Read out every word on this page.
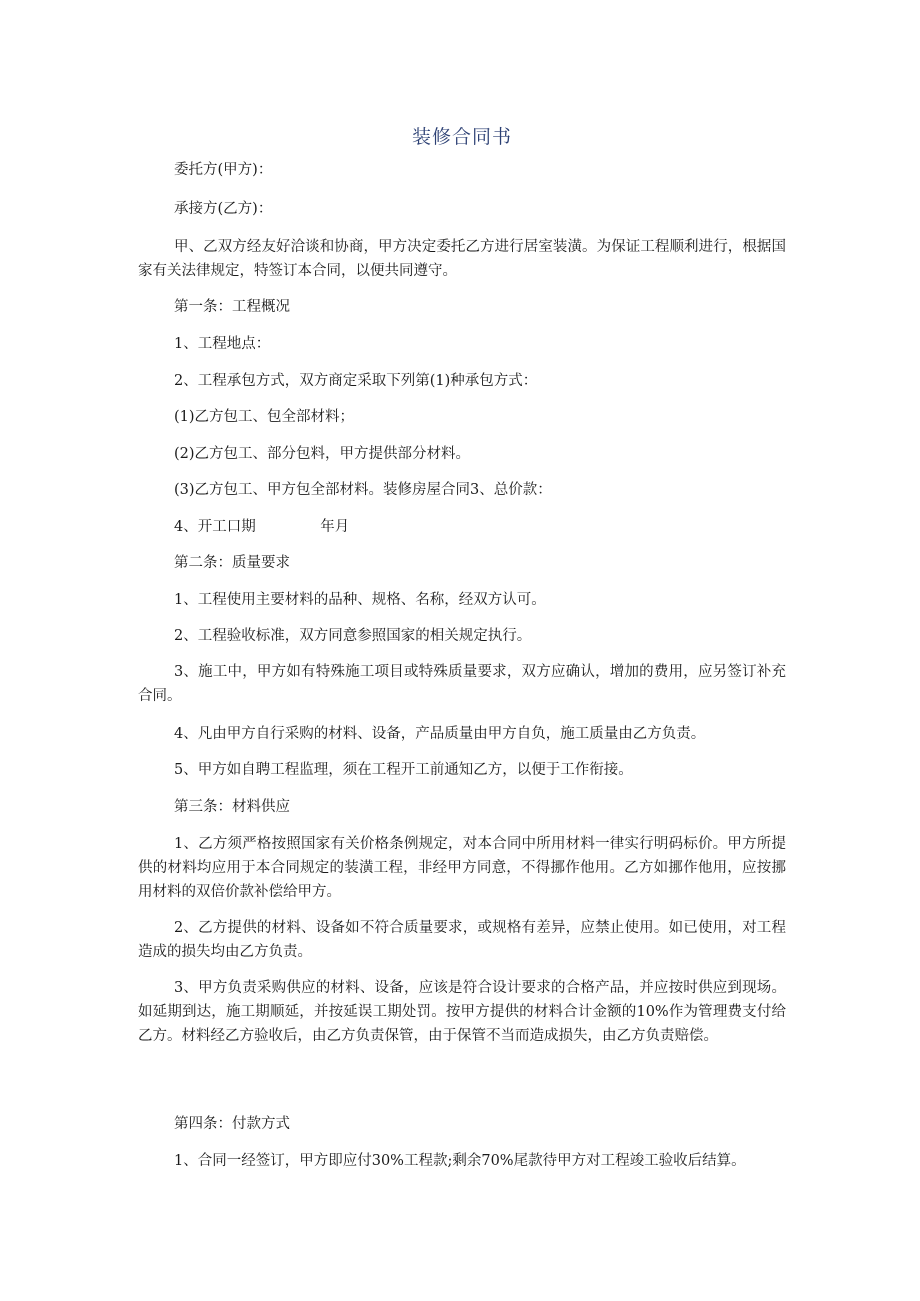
装修合同书
委托方(甲方)：
承接方(乙方)：
甲、乙双方经友好洽谈和协商，甲方决定委托乙方进行居室装潢。为保证工程顺利进行，根据国家有关法律规定，特签订本合同，以便共同遵守。
第一条：工程概况
1、工程地点：
2、工程承包方式，双方商定采取下列第(1)种承包方式：
(1)乙方包工、包全部材料；
(2)乙方包工、部分包料，甲方提供部分材料。
(3)乙方包工、甲方包全部材料。装修房屋合同3、总价款：
4、开工口期              年月
第二条：质量要求
1、工程使用主要材料的品种、规格、名称，经双方认可。
2、工程验收标准，双方同意参照国家的相关规定执行。
3、施工中，甲方如有特殊施工项目或特殊质量要求，双方应确认，增加的费用，应另签订补充合同。
4、凡由甲方自行采购的材料、设备，产品质量由甲方自负，施工质量由乙方负责。
5、甲方如自聘工程监理，须在工程开工前通知乙方，以便于工作衔接。
第三条：材料供应
1、乙方须严格按照国家有关价格条例规定，对本合同中所用材料一律实行明码标价。甲方所提供的材料均应用于本合同规定的装潢工程，非经甲方同意，不得挪作他用。乙方如挪作他用，应按挪用材料的双倍价款补偿给甲方。
2、乙方提供的材料、设备如不符合质量要求，或规格有差异，应禁止使用。如已使用，对工程造成的损失均由乙方负责。
3、甲方负责采购供应的材料、设备，应该是符合设计要求的合格产品，并应按时供应到现场。如延期到达，施工期顺延，并按延误工期处罚。按甲方提供的材料合计金额的10%作为管理费支付给乙方。材料经乙方验收后，由乙方负责保管，由于保管不当而造成损失，由乙方负责赔偿。
第四条：付款方式
1、合同一经签订，甲方即应付30%工程款;剩余70%尾款待甲方对工程竣工验收后结算。
